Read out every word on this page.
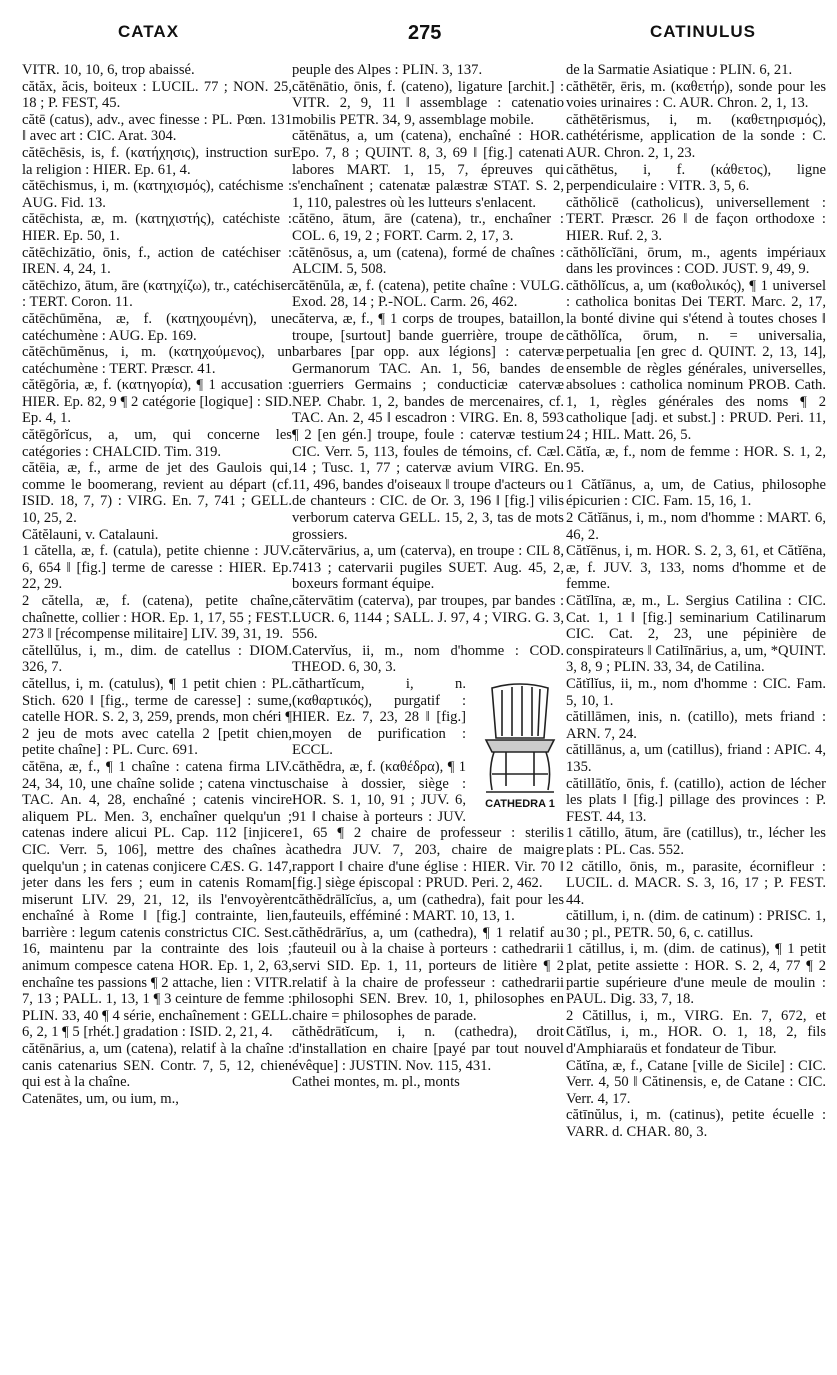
CATAX	275	CATINULUS

VITR. 10, 10, 6, trop abaissé.

cătăx, ăcis, boiteux : LUCIL. 77 ; NON. 25, 18 ; P. FEST, 45.

cătē (catus), adv., avec finesse : PL. Pœn. 131 ‖ avec art : CIC. Arat. 304.

cătēchēsis, is, f. (κατήχησις), instruction sur la religion : HIER. Ep. 61, 4.

cătēchismus, i, m. (κατηχισμός), catéchisme : AUG. Fid. 13.

cătēchista, æ, m. (κατηχιστής), catéchiste : HIER. Ep. 50, 1.

cătēchizātio, ōnis, f., action de catéchiser : IREN. 4, 24, 1.

cătēchizo, ātum, āre (κατηχίζω), tr., catéchiser : TERT. Coron. 11.

cătēchūmĕna, æ, f. (κατηχουμένη), une catéchumène : AUG. Ep. 169.

cătēchūmĕnus, i, m. (κατηχούμενος), un catéchumène : TERT. Præscr. 41.

cătēgŏria, æ, f. (κατηγορία), ¶ 1 accusation : HIER. Ep. 82, 9 ¶ 2 catégorie [logique] : SID. Ep. 4, 1.

cătēgŏrĭcus, a, um, qui concerne les catégories : CHALCID. Tim. 319.

cătēia, æ, f., arme de jet des Gaulois qui, comme le boomerang, revient au départ (cf. ISID. 18, 7, 7) : VIRG. En. 7, 741 ; GELL. 10, 25, 2.

Cătĕlauni, v. Catalauni.

1 cătella, æ, f. (catula), petite chienne : JUV. 6, 654 ‖ [fig.] terme de caresse : HIER. Ep. 22, 29.

2 cătella, æ, f. (catena), petite chaîne, chaînette, collier : HOR. Ep. 1, 17, 55 ; FEST. 273 ‖ [récompense militaire] LIV. 39, 31, 19.

cătellŭlus, i, m., dim. de catellus : DIOM. 326, 7.

cătellus, i, m. (catulus), ¶ 1 petit chien : PL. Stich. 620 ‖ [fig., terme de caresse] : sume, catelle HOR. S. 2, 3, 259, prends, mon chéri ¶ 2 jeu de mots avec catella 2 [petit chien, petite chaîne] : PL. Curc. 691.

cătēna, æ, f., ¶ 1 chaîne : catena firma LIV. 24, 34, 10, une chaîne solide ; catena vinctus TAC. An. 4, 28, enchaîné ; catenis vincire aliquem PL. Men. 3, enchaîner quelqu'un ; catenas indere alicui PL. Cap. 112 [injicere CIC. Verr. 5, 106], mettre des chaînes à quelqu'un ; in catenas conjicere CÆS. G. 147, jeter dans les fers ; eum in catenis Romam miserunt LIV. 29, 21, 12, ils l'envoyèrent enchaîné à Rome ‖ [fig.] contrainte, lien, barrière : legum catenis constrictus CIC. Sest. 16, maintenu par la contrainte des lois ; animum compesce catena HOR. Ep. 1, 2, 63, enchaîne tes passions ¶ 2 attache, lien : VITR. 7, 13 ; PALL. 1, 13, 1 ¶ 3 ceinture de femme : PLIN. 33, 40 ¶ 4 série, enchaînement : GELL. 6, 2, 1 ¶ 5 [rhét.] gradation : ISID. 2, 21, 4.

cătēnārius, a, um (catena), relatif à la chaîne : canis catenarius SEN. Contr. 7, 5, 12, chien qui est à la chaîne.

Catenātes, um, ou ium, m.,

peuple des Alpes : PLIN. 3, 137.

cătēnātio, ōnis, f. (cateno), ligature [archit.] : VITR. 2, 9, 11 ‖ assemblage : catenatio mobilis PETR. 34, 9, assemblage mobile.

cătēnātus, a, um (catena), enchaîné : HOR. Epo. 7, 8 ; QUINT. 8, 3, 69 ‖ [fig.] catenati labores MART. 1, 15, 7, épreuves qui s'enchaînent ; catenatæ palæstræ STAT. S. 2, 1, 110, palestres où les lutteurs s'enlacent.

cătēno, ātum, āre (catena), tr., enchaîner : COL. 6, 19, 2 ; FORT. Carm. 2, 17, 3.

cătēnōsus, a, um (catena), formé de chaînes : ALCIM. 5, 508.

cătēnŭla, æ, f. (catena), petite chaîne : VULG. Exod. 28, 14 ; P.-NOL. Carm. 26, 462.

căterva, æ, f., ¶ 1 corps de troupes, bataillon, troupe, [surtout] bande guerrière, troupe de barbares [par opp. aux légions] : catervæ Germanorum TAC. An. 1, 56, bandes de guerriers Germains ; conducticiæ catervæ NEP. Chabr. 1, 2, bandes de mercenaires, cf. TAC. An. 2, 45 ‖ escadron : VIRG. En. 8, 593 ¶ 2 [en gén.] troupe, foule : catervæ testium CIC. Verr. 5, 113, foules de témoins, cf. Cæl. 14 ; Tusc. 1, 77 ; catervæ avium VIRG. En. 11, 496, bandes d'oiseaux ‖ troupe d'acteurs ou de chanteurs : CIC. de Or. 3, 196 ‖ [fig.] vilis verborum caterva GELL. 15, 2, 3, tas de mots grossiers.

cătervārius, a, um (caterva), en troupe : CIL 8, 7413 ; catervarii pugiles SUET. Aug. 45, 2, boxeurs formant équipe.

cătervātim (caterva), par troupes, par bandes : LUCR. 6, 1144 ; SALL. J. 97, 4 ; VIRG. G. 3, 556.

Catervĭus, ii, m., nom d'homme : COD. THEOD. 6, 30, 3.

CATHEDRA 1
căthartĭcum, i, n. (καθαρτικός), purgatif : HIER. Ez. 7, 23, 28 ‖ [fig.] moyen de purification : ECCL.

căthĕdra, æ, f. (καθέδρα), ¶ 1 chaise à dossier, siège : HOR. S. 1, 10, 91 ; JUV. 6, 91 ‖ chaise à porteurs : JUV. 1, 65 ¶ 2 chaire de professeur : sterilis cathedra JUV. 7, 203, chaire de maigre rapport ‖ chaire d'une église : HIER. Vir. 70 ‖ [fig.] siège épiscopal : PRUD. Peri. 2, 462.

căthĕdrālĭcĭus, a, um (cathedra), fait pour les fauteuils, efféminé : MART. 10, 13, 1.

căthĕdrārĭus, a, um (cathedra), ¶ 1 relatif au fauteuil ou à la chaise à porteurs : cathedrarii servi SID. Ep. 1, 11, porteurs de litière ¶ 2 relatif à la chaire de professeur : cathedrarii philosophi SEN. Brev. 10, 1, philosophes en chaire = philosophes de parade.

căthĕdrātĭcum, i, n. (cathedra), droit d'installation en chaire [payé par tout nouvel évêque] : JUSTIN. Nov. 115, 431.

Cathei montes, m. pl., monts

de la Sarmatie Asiatique : PLIN. 6, 21.

căthētēr, ēris, m. (καθετήρ), sonde pour les voies urinaires : C. AUR. Chron. 2, 1, 13.

căthētērismus, i, m. (καθετηρισμός), cathétérisme, application de la sonde : C. AUR. Chron. 2, 1, 23.

căthētus, i, f. (κάθετος), ligne perpendiculaire : VITR. 3, 5, 6.

căthŏlicē (catholicus), universellement : TERT. Præscr. 26 ‖ de façon orthodoxe : HIER. Ruf. 2, 3.

căthŏlĭcĭāni, ōrum, m., agents impériaux dans les provinces : COD. JUST. 9, 49, 9.

căthŏlĭcus, a, um (καθολικός), ¶ 1 universel : catholica bonitas Dei TERT. Marc. 2, 17, la bonté divine qui s'étend à toutes choses ‖ căthŏlĭca, ōrum, n. = universalia, perpetualia [en grec d. QUINT. 2, 13, 14], ensemble de règles générales, universelles, absolues : catholica nominum PROB. Cath. 1, 1, règles générales des noms ¶ 2 catholique [adj. et subst.] : PRUD. Peri. 11, 24 ; HIL. Matt. 26, 5.

Cătĭa, æ, f., nom de femme : HOR. S. 1, 2, 95.

1 Cătĭānus, a, um, de Catius, philosophe épicurien : CIC. Fam. 15, 16, 1.

2 Cătĭānus, i, m., nom d'homme : MART. 6, 46, 2.

Cătĭēnus, i, m. HOR. S. 2, 3, 61, et Cătĭēna, æ, f. JUV. 3, 133, noms d'homme et de femme.

Cătĭlīna, æ, m., L. Sergius Catilina : CIC. Cat. 1, 1 ‖ [fig.] seminarium Catilinarum CIC. Cat. 2, 23, une pépinière de conspirateurs ‖ Catilīnārius, a, um, *QUINT. 3, 8, 9 ; PLIN. 33, 34, de Catilina.

Cătĭlĭus, ii, m., nom d'homme : CIC. Fam. 5, 10, 1.

cătillāmen, inis, n. (catillo), mets friand : ARN. 7, 24.

cătillānus, a, um (catillus), friand : APIC. 4, 135.

cătillātĭo, ōnis, f. (catillo), action de lécher les plats ‖ [fig.] pillage des provinces : P. FEST. 44, 13.

1 cătillo, ātum, āre (catillus), tr., lécher les plats : PL. Cas. 552.

2 cătillo, ōnis, m., parasite, écornifleur : LUCIL. d. MACR. S. 3, 16, 17 ; P. FEST. 44.

cătillum, i, n. (dim. de catinum) : PRISC. 1, 30 ; pl., PETR. 50, 6, c. catillus.

1 cătillus, i, m. (dim. de catinus), ¶ 1 petit plat, petite assiette : HOR. S. 2, 4, 77 ¶ 2 partie supérieure d'une meule de moulin : PAUL. Dig. 33, 7, 18.

2 Cătillus, i, m., VIRG. En. 7, 672, et Cătĭlus, i, m., HOR. O. 1, 18, 2, fils d'Amphiaraüs et fondateur de Tibur.

Cătĭna, æ, f., Catane [ville de Sicile] : CIC. Verr. 4, 50 ‖ Cătinensis, e, de Catane : CIC. Verr. 4, 17.

cătīnŭlus, i, m. (catinus), petite écuelle : VARR. d. CHAR. 80, 3.
